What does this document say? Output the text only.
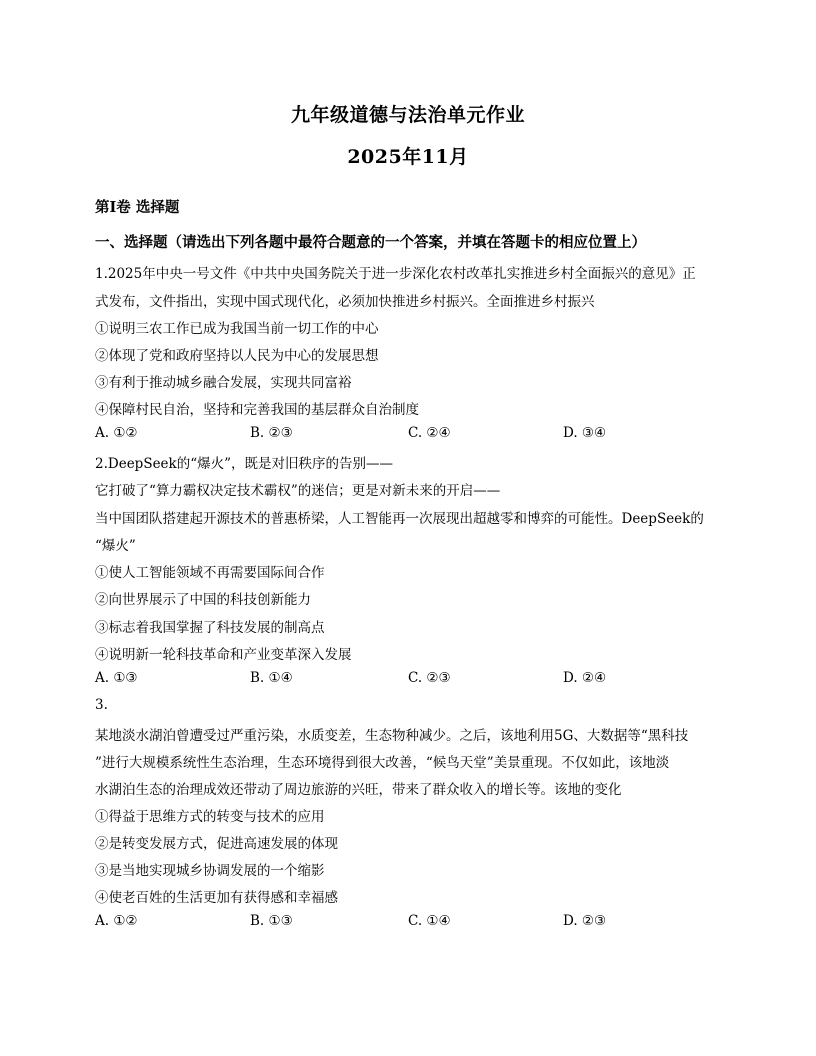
九年级道德与法治单元作业
2025年11月
第Ⅰ卷 选择题
一、选择题（请选出下列各题中最符合题意的一个答案，并填在答题卡的相应位置上）
1.2025年中央一号文件《中共中央国务院关于进一步深化农村改革扎实推进乡村全面振兴的意见》正
式发布，文件指出，实现中国式现代化，必须加快推进乡村振兴。全面推进乡村振兴
①说明三农工作已成为我国当前一切工作的中心
②体现了党和政府坚持以人民为中心的发展思想
③有利于推动城乡融合发展，实现共同富裕
④保障村民自治，坚持和完善我国的基层群众自治制度
A. ①②	B. ②③	C. ②④	D. ③④
2.DeepSeek的“爆火”，既是对旧秩序的告别——
它打破了“算力霸权决定技术霸权”的迷信；更是对新未来的开启——
当中国团队搭建起开源技术的普惠桥梁，人工智能再一次展现出超越零和博弈的可能性。DeepSeek的
“爆火”
①使人工智能领域不再需要国际间合作
②向世界展示了中国的科技创新能力
③标志着我国掌握了科技发展的制高点
④说明新一轮科技革命和产业变革深入发展
A. ①③	B. ①④	C. ②③	D. ②④
3.
某地淡水湖泊曾遭受过严重污染，水质变差，生态物种减少。之后，该地利用5G、大数据等“黑科技
”进行大规模系统性生态治理，生态环境得到很大改善，“候鸟天堂”美景重现。不仅如此，该地淡
水湖泊生态的治理成效还带动了周边旅游的兴旺，带来了群众收入的增长等。该地的变化
①得益于思维方式的转变与技术的应用
②是转变发展方式，促进高速发展的体现
③是当地实现城乡协调发展的一个缩影
④使老百姓的生活更加有获得感和幸福感
A. ①②	B. ①③	C. ①④	D. ②③
